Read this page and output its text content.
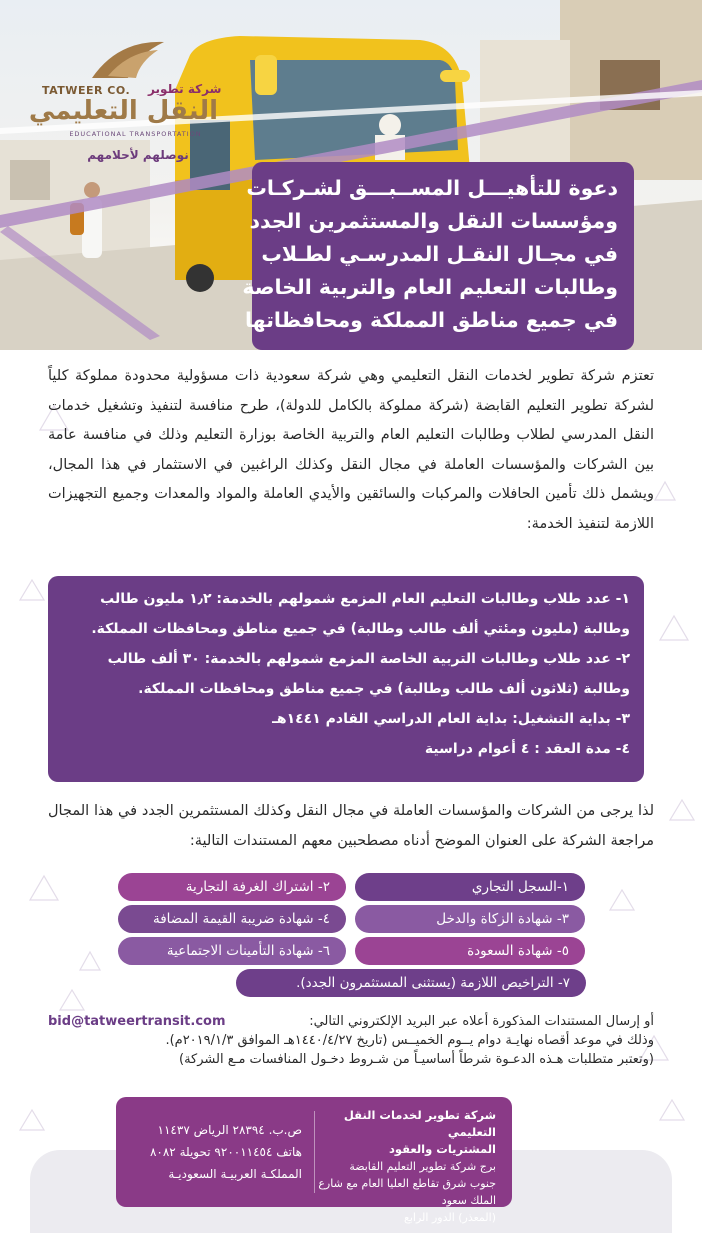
TATWEER CO. شركة تطوير
النقل التعليمي
EDUCATIONAL TRANSPORTATION
نوصلهم لأحلامهم
دعوة للتأهيـــل المســبـــق لشـركـات
ومؤسسات النقل والمستثمرين الجدد
في مجـال النقـل المدرسـي لطـلاب
وطالبات التعليم العام والتربية الخاصة
في جميع مناطق المملكة ومحافظاتها
تعتزم شركة تطوير لخدمات النقل التعليمي وهي شركة سعودية ذات مسؤولية محدودة مملوكة كلياً لشركة تطوير التعليم القابضة (شركة مملوكة بالكامل للدولة)، طرح منافسة لتنفيذ وتشغيل خدمات النقل المدرسي لطلاب وطالبات التعليم العام والتربية الخاصة بوزارة التعليم وذلك في منافسة عامة بين الشركات والمؤسسات العاملة في مجال النقل وكذلك الراغبين في الاستثمار في هذا المجال، ويشمل ذلك تأمين الحافلات والمركبات والسائقين والأيدي العاملة والمواد والمعدات وجميع التجهيزات اللازمة لتنفيذ الخدمة:
١- عدد طلاب وطالبات التعليم العام المزمع شمولهم بالخدمة: ١٫٢ مليون طالب
وطالبة (مليون ومئتي ألف طالب وطالبة) في جميع مناطق ومحافظات المملكة.
٢- عدد طلاب وطالبات التربية الخاصة المزمع شمولهم بالخدمة: ٣٠ ألف طالب
وطالبة (ثلاثون ألف طالب وطالبة) في جميع مناطق ومحافظات المملكة.
٣- بداية التشغيل: بداية العام الدراسي القادم ١٤٤١هـ
٤- مدة العقد : ٤ أعوام دراسية
لذا يرجى من الشركات والمؤسسات العاملة في مجال النقل وكذلك المستثمرين الجدد في هذا المجال مراجعة الشركة على العنوان الموضح أدناه مصطحبين معهم المستندات التالية:
١-السجل التجاري
٢- اشتراك الغرفة التجارية
٣- شهادة الزكاة والدخل
٤- شهادة ضريبة القيمة المضافة
٥- شهادة السعودة
٦- شهادة التأمينات الاجتماعية
٧- التراخيص اللازمة (يستثنى المستثمرون الجدد).
أو إرسال المستندات المذكورة أعلاه عبر البريد الإلكتروني التالي:
bid@tatweertransit.com
وذلك في موعد أقصاه نهايـة دوام يــوم الخميــس (تاريخ ١٤٤٠/٤/٢٧هـ الموافق ٢٠١٩/١/٣م).
(وتعتبر متطلبات هـذه الدعـوة شرطاً أساسيـاً من شـروط دخـول المنافسات مـع الشركة)
شركة تطوير لخدمات النقل التعليمي
المشتريات والعقود
برج شركة تطوير التعليم القابضة
جنوب شرق تقاطع العليا العام مع شارع الملك سعود
(المعذر) الدور الرابع
ص.ب. ٢٨٣٩٤ الرياض ١١٤٣٧
هاتف ٩٢٠٠١١٤٥٤ تحويلة ٨٠٨٢
المملكـة العربيـة السعوديـة
